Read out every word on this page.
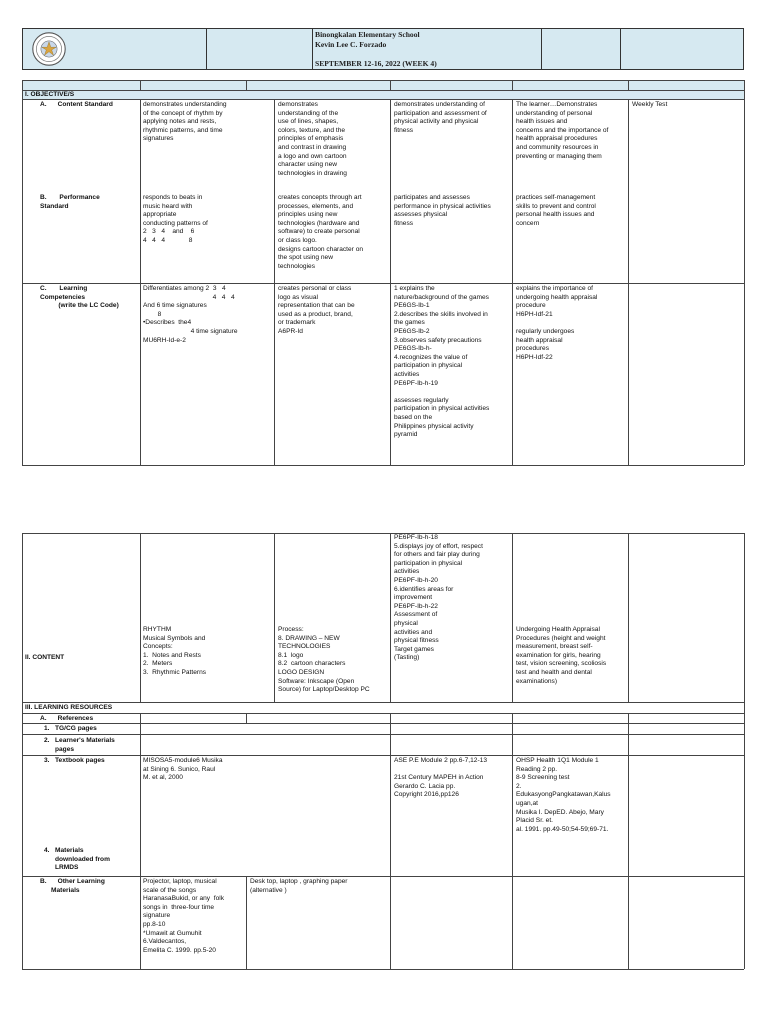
Binongkalan Elementary School
Kevin Lee C. Forzado
SEPTEMBER 12-16, 2022 (WEEK 4)
I. OBJECTIVE/S
A.      Content Standard
B.       Performance
Standard
C.       Learning
Competencies
(write the LC Code)
demonstrates understanding
of the concept of rhythm by
applying notes and rests,
rhythmic patterns, and time
signatures
demonstrates
understanding of the
use of lines, shapes,
colors, texture, and the
principles of emphasis
and contrast in drawing
a logo and own cartoon
character using new
technologies in drawing
demonstrates understanding of
participation and assessment of
physical activity and physical
fitness
The learner…Demonstrates
understanding of personal
health issues and
concerns and the importance of
health appraisal procedures
and community resources in
preventing or managing them
Weekly Test
responds to beats in
music heard with
appropriate
conducting patterns of
2   3   4    and    6
4   4   4             8
creates concepts through art
processes, elements, and
principles using new
technologies (hardware and
software) to create personal
or class logo.
designs cartoon character on
the spot using new
technologies
participates and assesses
performance in physical activities
assesses physical
fitness
practices self-management
skills to prevent and control
personal health issues and
concern
Differentiates among 2  3   4
4   4   4
And 6 time signatures
8
•Describes  the4
4 time signature
MU6RH-Id-e-2
creates personal or class
logo as visual
representation that can be
used as a product, brand,
or trademark
A6PR-Id
1 explains the
nature/background of the games
PE6GS-Ib-1
2.describes the skills involved in
the games
PE6GS-Ib-2
3.observes safety precautions
PE6GS-Ib-h-
4.recognizes the value of
participation in physical
activities
PE6PF-Ib-h-19

assesses regularly
participation in physical activities
based on the
Philippines physical activity
pyramid
explains the importance of
undergoing health appraisal
procedure
H6PH-Idf-21

regularly undergoes
health appraisal
procedures
H6PH-Idf-22
II. CONTENT
III. LEARNING RESOURCES
A.      References
1.   TG/CG pages
2.   Learner's Materials
pages
3.   Textbook pages
4.   Materials
downloaded from
LRMDS
B.      Other Learning
Materials
PE6PF-Ib-h-18
5.displays joy of effort, respect
for others and fair play during
participation in physical
activities
PE6PF-Ib-h-20
6.identifies areas for
improvement
PE6PF-Ib-h-22
Assessment of
physical
activities and
physical fitness
Target games
(Tasting)
RHYTHM
Musical Symbols and
Concepts:
1.  Notes and Rests
2.  Meters
3.  Rhythmic Patterns
Process:
8. DRAWING – NEW
TECHNOLOGIES
8.1  logo
8.2  cartoon characters
LOGO DESIGN
Software: Inkscape (Open
Source) for Laptop/Desktop PC
Undergoing Health Appraisal
Procedures (height and weight
measurement, breast self-
examination for girls, hearing
test, vision screening, scoliosis
test and health and dental
examinations)
MISOSA5-module6 Musika
at Sining 6. Sunico, Raul
M. et al, 2000
ASE P.E Module 2 pp.6-7,12-13

21st Century MAPEH in Action
Gerardo C. Lacia pp.
Copyright 2016,pp126
OHSP Health 1Q1 Module 1
Reading 2 pp.
8-9 Screening test
2.
EdukasyongPangkatawan,Kalus
ugan,at
Musika I. DepED. Abejo, Mary
Placid Sr. et.
al. 1991. pp.49-50;54-59;69-71.
Projector, laptop, musical
scale of the songs
HaranasaBukid, or any  folk
songs in  three-four time
signature
pp.8-10
*Umawit at Gumuhit
6.Valdecantos,
Emelita C. 1999. pp.5-20
Desk top, laptop , graphing paper
(alternative )
